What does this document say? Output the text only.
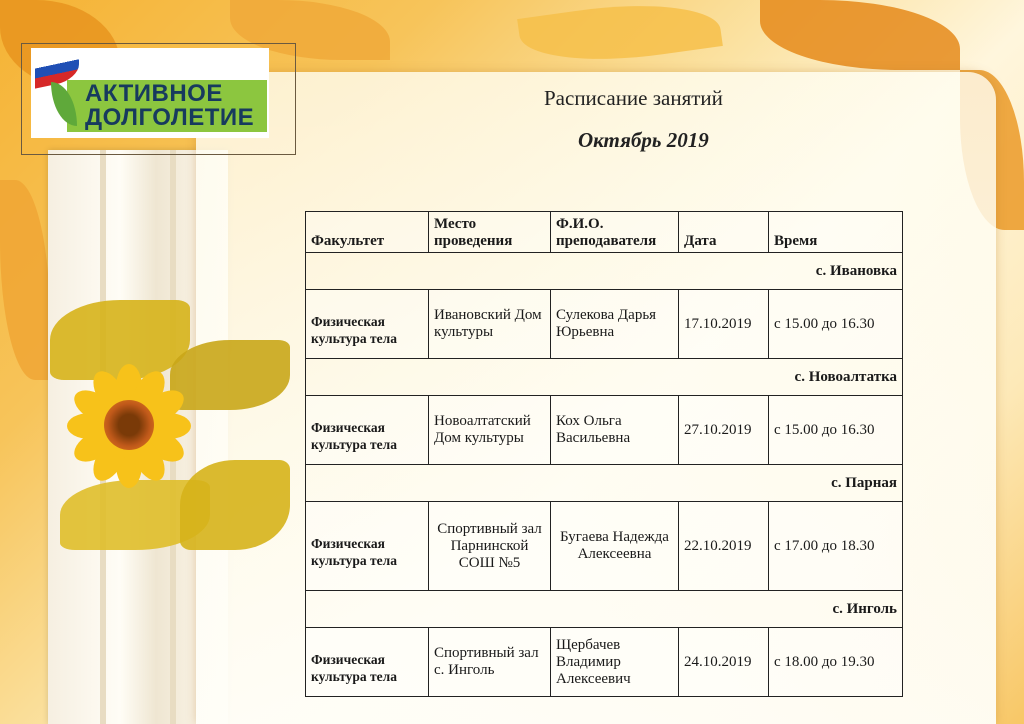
АКТИВНОЕ
ДОЛГОЛЕТИЕ
Расписание занятий
Октябрь 2019
Факультет	Место проведения	Ф.И.О. преподавателя	Дата	Время
с. Ивановка				
Физическая культура тела	Ивановский Дом культуры	Сулекова Дарья Юрьевна	17.10.2019	с 15.00 до 16.30
с. Новоалтатка				
Физическая культура тела	Новоалтатский Дом культуры	Кох Ольга Васильевна	27.10.2019	с 15.00 до 16.30
с. Парная				
Физическая культура тела	Спортивный зал Парнинской СОШ №5	Бугаева Надежда Алексеевна	22.10.2019	с 17.00 до 18.30
с. Инголь				
Физическая культура тела	Спортивный зал с. Инголь	Щербачев Владимир Алексеевич	24.10.2019	с 18.00 до 19.30
